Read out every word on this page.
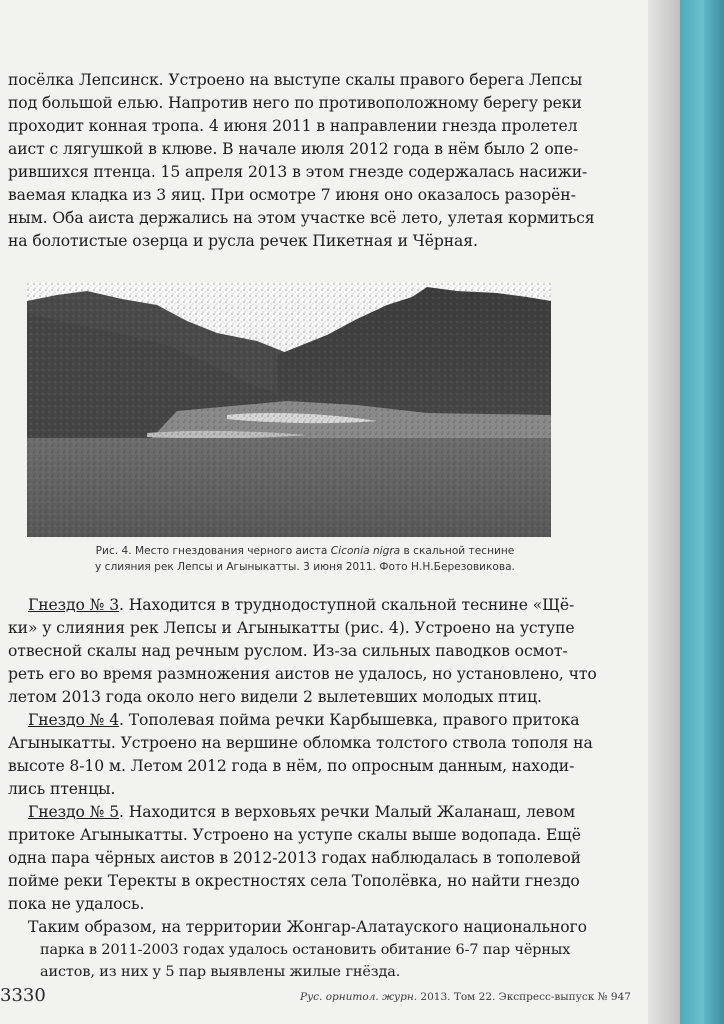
посёлка Лепсинск. Устроено на выступе скалы правого берега Лепсы

под большой елью. Напротив него по противоположному берегу реки

проходит конная тропа. 4 июня 2011 в направлении гнезда пролетел

аист с лягушкой в клюве. В начале июля 2012 года в нём было 2 опе-

рившихся птенца. 15 апреля 2013 в этом гнезде содержалась насижи-

ваемая кладка из 3 яиц. При осмотре 7 июня оно оказалось разорён-

ным. Оба аиста держались на этом участке всё лето, улетая кормиться

на болотистые озерца и русла речек Пикетная и Чёрная.

Рис. 4. Место гнездования черного аиста Ciconia nigra в скальной теснине

у слияния рек Лепсы и Агыныкатты. 3 июня 2011. Фото Н.Н.Березовикова.

Гнездо № 3. Находится в труднодоступной скальной теснине «Щё-

ки» у слияния рек Лепсы и Агыныкатты (рис. 4). Устроено на уступе

отвесной скалы над речным руслом. Из-за сильных паводков осмот-

реть его во время размножения аистов не удалось, но установлено, что

летом 2013 года около него видели 2 вылетевших молодых птиц.

Гнездо № 4. Тополевая пойма речки Карбышевка, правого притока

Агыныкатты. Устроено на вершине обломка толстого ствола тополя на

высоте 8-10 м. Летом 2012 года в нём, по опросным данным, находи-

лись птенцы.

Гнездо № 5. Находится в верховьях речки Малый Жаланаш, левом

притоке Агыныкатты. Устроено на уступе скалы выше водопада. Ещё

одна пара чёрных аистов в 2012-2013 годах наблюдалась в тополевой

пойме реки Теректы в окрестностях села Тополёвка, но найти гнездо

пока не удалось.

Таким образом, на территории Жонгар-Алатауского национального

парка в 2011-2003 годах удалось остановить обитание 6-7 пар чёрных

аистов, из них у 5 пар выявлены жилые гнёзда.

3330	Рус. орнитол. журн. 2013. Том 22. Экспресс-выпуск № 947
